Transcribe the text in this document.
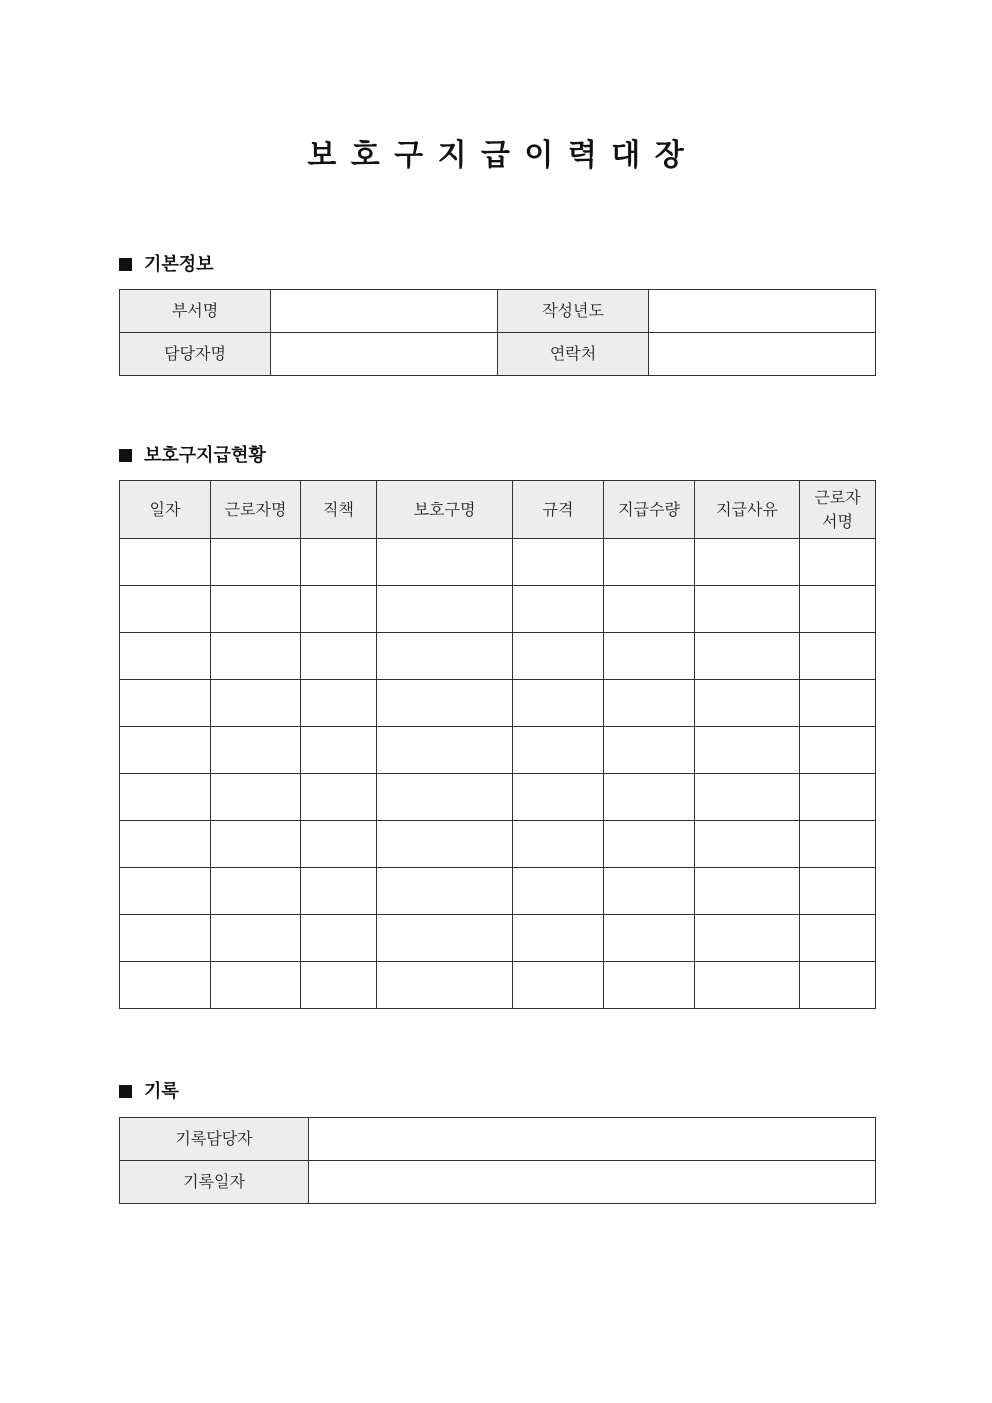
보 호 구 지 급 이 력 대 장
기본정보
부서명		작성년도	
담당자명		연락처	
보호구지급현황
일자	근로자명	직책	보호구명	규격	지급수량	지급사유	근로자
서명

기록
기록담당자	
기록일자	
